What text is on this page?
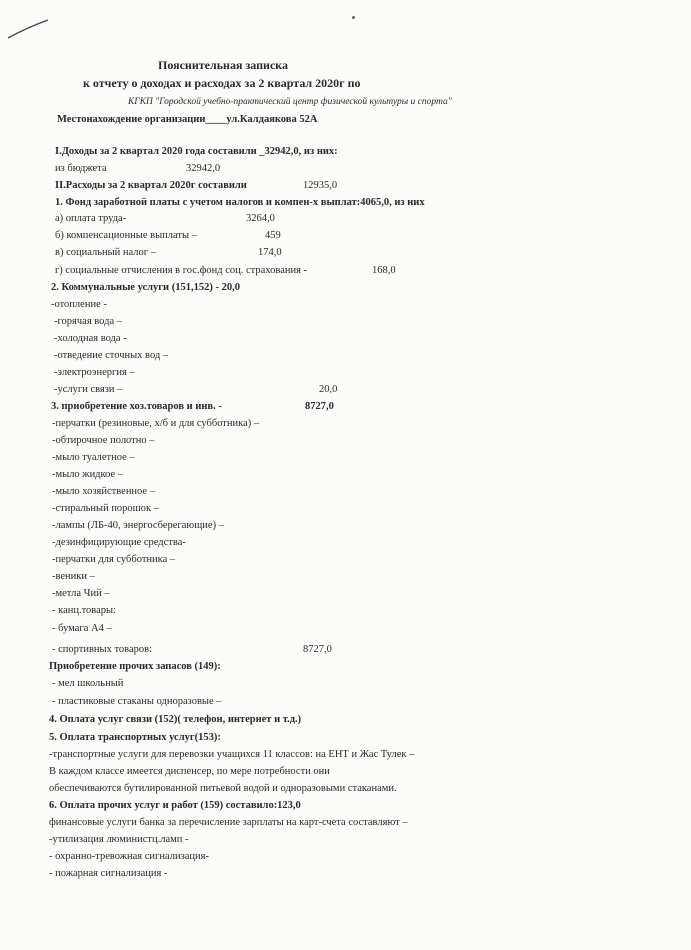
Пояснительная записка
к отчету о доходах и расходах за 2 квартал 2020г по
КГКП "Городской учебно-практический центр физической культуры и спорта"
Местонахождение организации____ул.Калдаякова 52А
I.Доходы за 2 квартал 2020 года составили _32942,0, из них:
из бюджета	32942,0
II.Расходы за 2 квартал 2020г составили	12935,0
1. Фонд заработной платы с учетом налогов и компен-х выплат:4065,0, из них
а) оплата труда-	3264,0
б) компенсационные выплаты –	459
в) социальный налог –	174,0
г) социальные отчисления в гос.фонд соц. страхования -	168,0
2. Коммунальные услуги (151,152) - 20,0
-отопление -
-горячая вода –
-холодная вода -
-отведение сточных вод –
-электроэнергия –
-услуги связи –	20,0
3. приобретение хоз.товаров и инв. -	8727,0
-перчатки (резиновые, х/б и для субботника) –
-обтирочное полотно –
-мыло туалетное –
-мыло жидкое –
-мыло хозяйственное –
-стиральный порошок –
-лампы (ЛБ-40, энергосберегающие) –
-дезинфицирующие средства-
-перчатки для субботника –
-веники –
-метла Чий –
- канц.товары:
- бумага А4 –
- спортивных товаров:	8727,0
Приобретение прочих запасов (149):
- мел школьный
- пластиковые стаканы одноразовые –
4. Оплата услуг связи (152)( телефон, интернет и т.д.)
5. Оплата транспортных услуг(153):
-транспортные услуги для перевозки учащихся 11 классов: на ЕНТ и Жас Тулек –
В каждом классе имеется диспенсер, по мере потребности они
обеспечиваются бутилированной питьевой водой и одноразовыми стаканами.
6. Оплата прочих услуг и работ (159) составило:123,0
финансовые услуги банка за перечисление зарплаты на карт-счета составляют –
-утилизация люминистц.ламп -
- охранно-тревожная сигнализация-
- пожарная сигнализация -
